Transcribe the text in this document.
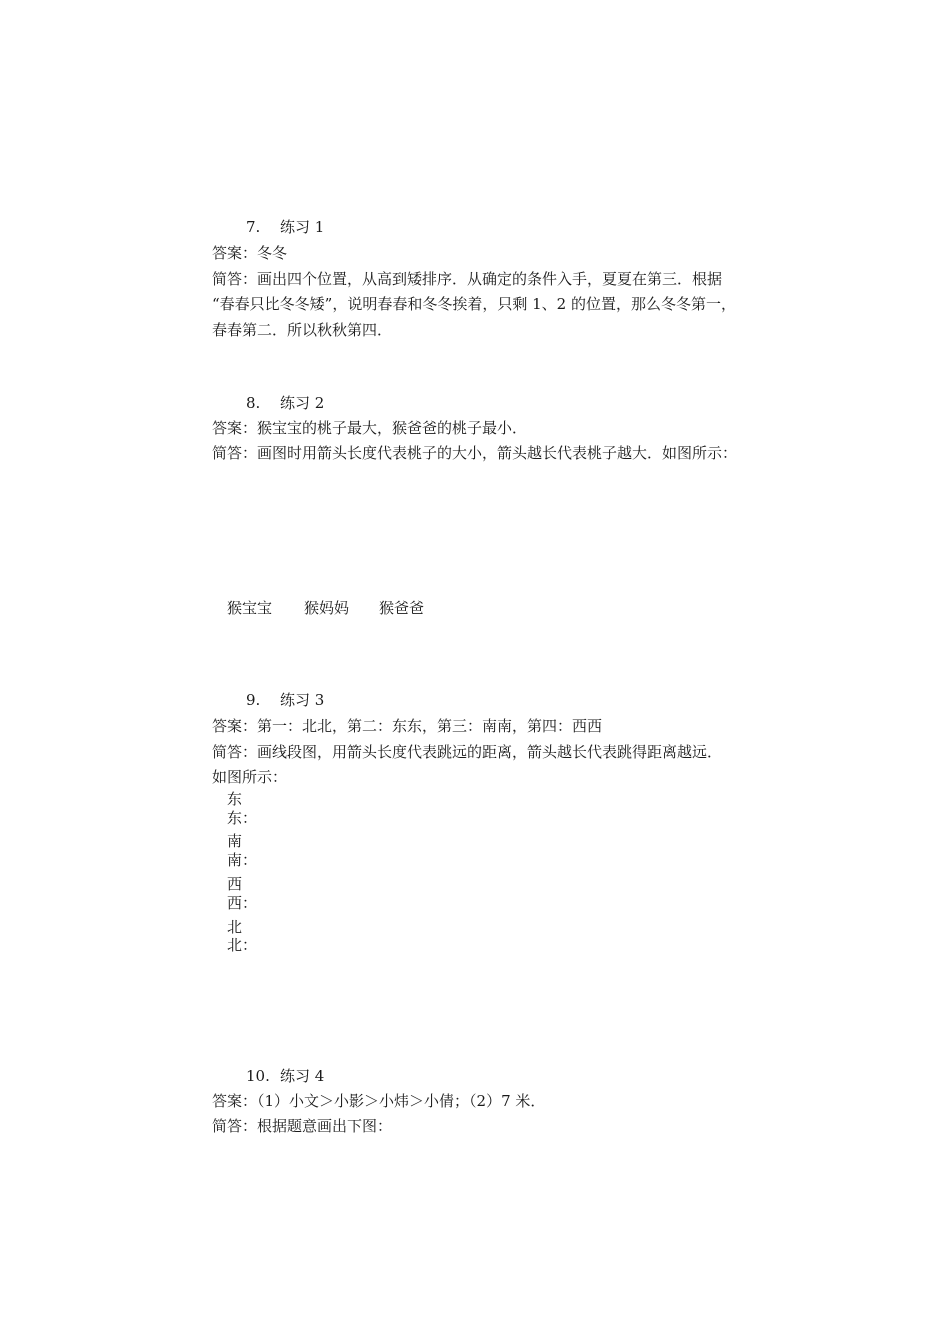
7. 练习 1
答案：冬冬
简答：画出四个位置，从高到矮排序．从确定的条件入手，夏夏在第三．根据
“春春只比冬冬矮”，说明春春和冬冬挨着，只剩 1、2 的位置，那么冬冬第一，
春春第二．所以秋秋第四．
8. 练习 2
答案：猴宝宝的桃子最大，猴爸爸的桃子最小．
简答：画图时用箭头长度代表桃子的大小，箭头越长代表桃子越大．如图所示：
猴宝宝 猴妈妈 猴爸爸
9. 练习 3
答案：第一：北北，第二：东东，第三：南南，第四：西西
简答：画线段图，用箭头长度代表跳远的距离，箭头越长代表跳得距离越远．
如图所示：
东
东：
南
南：
西
西：
北
北：
10. 练习 4
答案：（1）小文＞小影＞小炜＞小倩；（2）7 米．
简答：根据题意画出下图：
